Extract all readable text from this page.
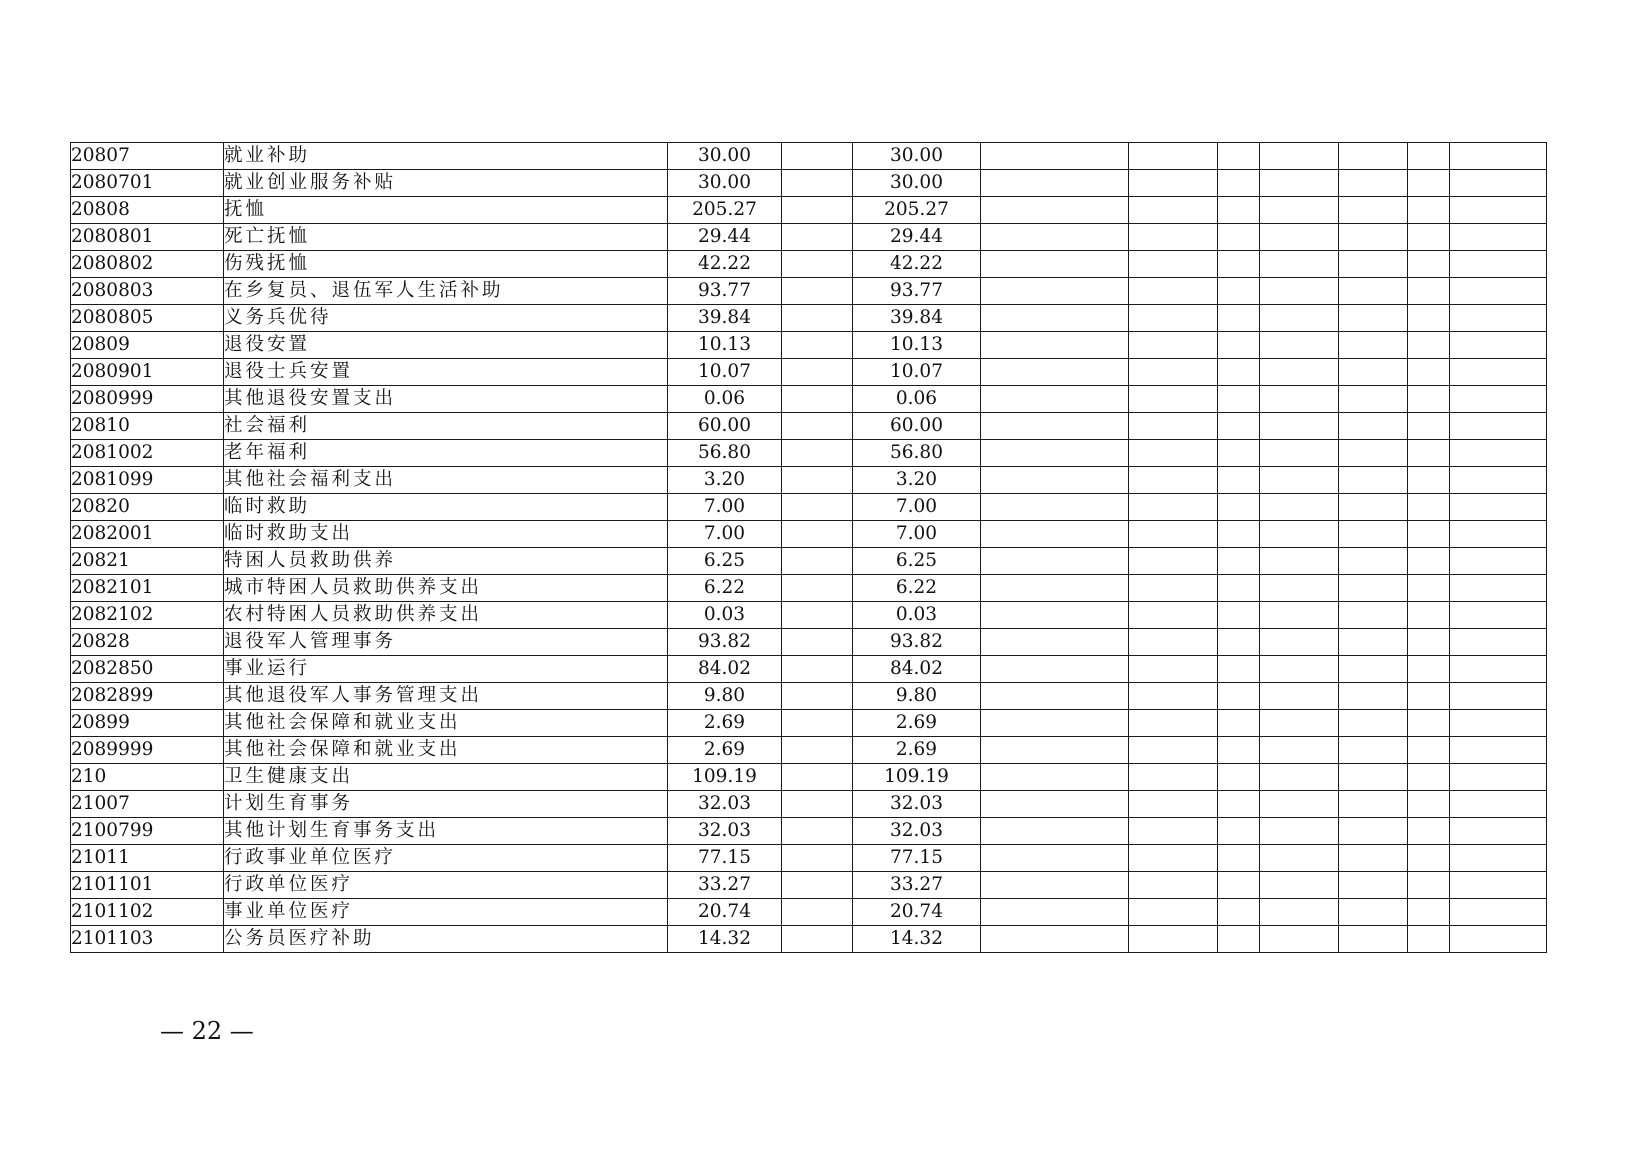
20807	就业补助	30.00		30.00							
2080701	就业创业服务补贴	30.00		30.00							
20808	抚恤	205.27		205.27							
2080801	死亡抚恤	29.44		29.44							
2080802	伤残抚恤	42.22		42.22							
2080803	在乡复员、退伍军人生活补助	93.77		93.77							
2080805	义务兵优待	39.84		39.84							
20809	退役安置	10.13		10.13							
2080901	退役士兵安置	10.07		10.07							
2080999	其他退役安置支出	0.06		0.06							
20810	社会福利	60.00		60.00							
2081002	老年福利	56.80		56.80							
2081099	其他社会福利支出	3.20		3.20							
20820	临时救助	7.00		7.00							
2082001	临时救助支出	7.00		7.00							
20821	特困人员救助供养	6.25		6.25							
2082101	城市特困人员救助供养支出	6.22		6.22							
2082102	农村特困人员救助供养支出	0.03		0.03							
20828	退役军人管理事务	93.82		93.82							
2082850	事业运行	84.02		84.02							
2082899	其他退役军人事务管理支出	9.80		9.80							
20899	其他社会保障和就业支出	2.69		2.69							
2089999	其他社会保障和就业支出	2.69		2.69							
210	卫生健康支出	109.19		109.19							
21007	计划生育事务	32.03		32.03							
2100799	其他计划生育事务支出	32.03		32.03							
21011	行政事业单位医疗	77.15		77.15							
2101101	行政单位医疗	33.27		33.27							
2101102	事业单位医疗	20.74		20.74							
2101103	公务员医疗补助	14.32		14.32							
— 22 —
